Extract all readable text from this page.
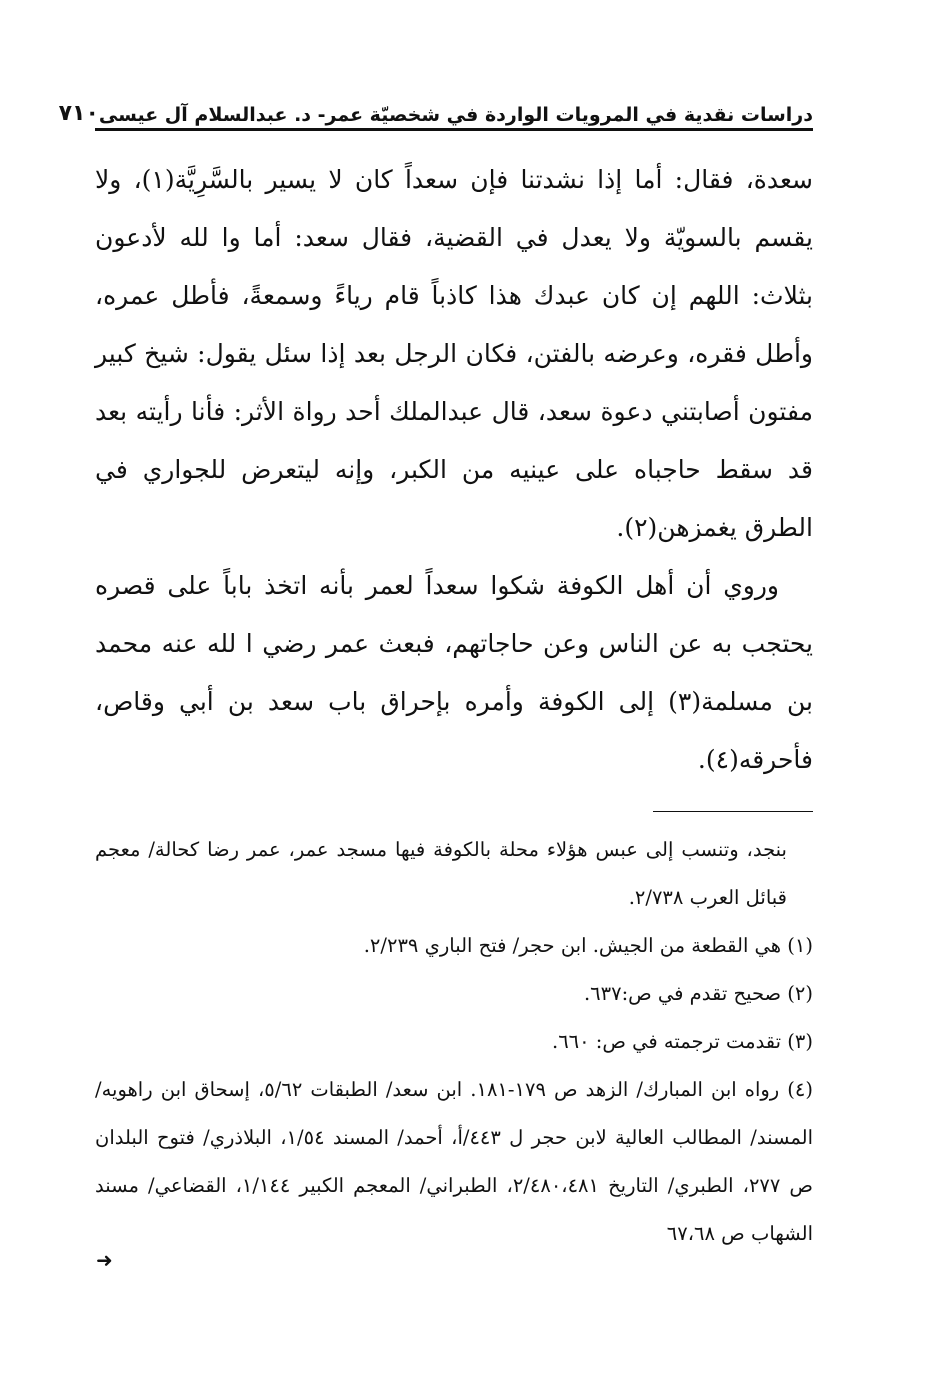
دراسات نقدية في المرويات الواردة في شخصيّة عمر- د. عبدالسلام آل عيسى
٧١٠

سعدة، فقال: أما إذا نشدتنا فإن سعداً كان لا يسير بالسَّرِيَّة(١)، ولا يقسم بالسويّة ولا يعدل في القضية، فقال سعد: أما وا لله لأدعون بثلاث: اللهم إن كان عبدك هذا كاذباً قام رياءً وسمعةً، فأطل عمره، وأطل فقره، وعرضه بالفتن، فكان الرجل بعد إذا سئل يقول: شيخ كبير مفتون أصابتني دعوة سعد، قال عبدالملك أحد رواة الأثر: فأنا رأيته بعد قد سقط حاجباه على عينيه من الكبر، وإنه ليتعرض للجواري في الطرق يغمزهن(٢).

وروي أن أهل الكوفة شكوا سعداً لعمر بأنه اتخذ باباً على قصره يحتجب به عن الناس وعن حاجاتهم، فبعث عمر رضي ا لله عنه محمد بن مسلمة(٣) إلى الكوفة وأمره بإحراق باب سعد بن أبي وقاص، فأحرقه(٤).

بنجد، وتنسب إلى عبس هؤلاء محلة بالكوفة فيها مسجد عمر، عمر رضا كحالة/ معجم قبائل العرب ٢/٧٣٨.

(١) هي القطعة من الجيش. ابن حجر/ فتح الباري ٢/٢٣٩.

(٢) صحيح تقدم في ص:٦٣٧.

(٣) تقدمت ترجمته في ص: ٦٦٠.

(٤) رواه ابن المبارك/ الزهد ص ١٧٩-١٨١. ابن سعد/ الطبقات ٥/٦٢، إسحاق ابن راهويه/ المسند/ المطالب العالية لابن حجر ل ٤٤٣/أ، أحمد/ المسند ١/٥٤، البلاذري/ فتوح البلدان ص ٢٧٧، الطبري/ التاريخ ٢/٤٨٠،٤٨١، الطبراني/ المعجم الكبير ١/١٤٤، القضاعي/ مسند الشهاب ص ٦٧،٦٨

➜
